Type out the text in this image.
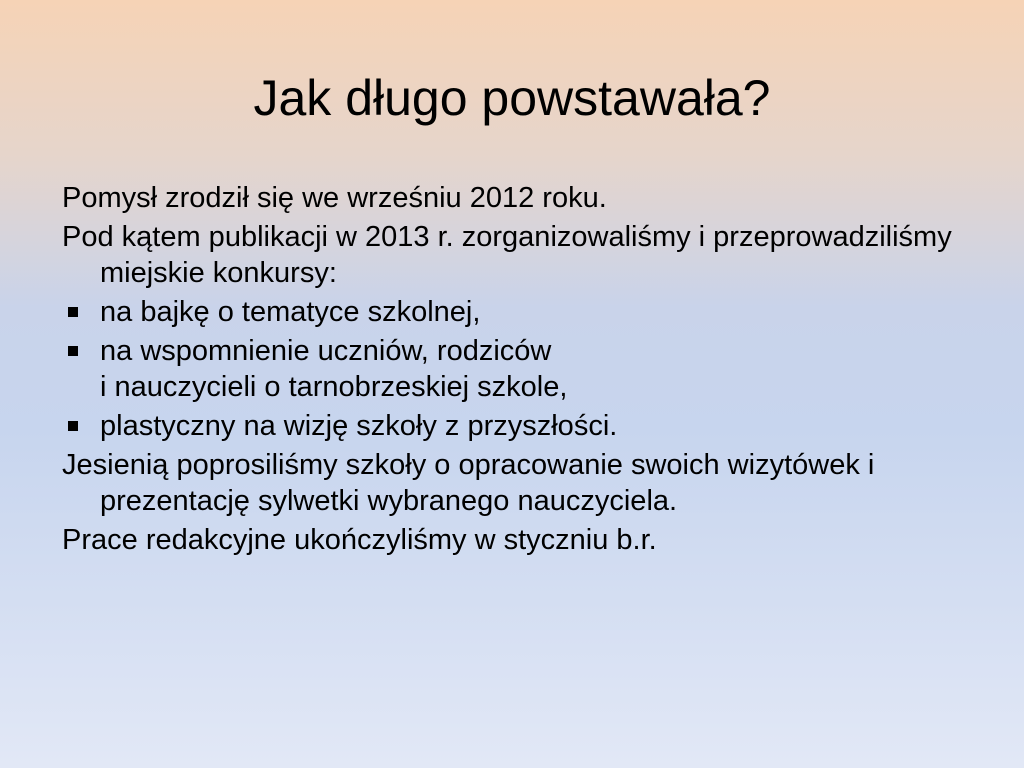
Jak długo powstawała?
Pomysł zrodził się we wrześniu 2012 roku.
Pod kątem publikacji w 2013 r. zorganizowaliśmy i przeprowadziliśmy miejskie konkursy:
na bajkę o tematyce szkolnej,
na wspomnienie uczniów, rodziców
i nauczycieli o tarnobrzeskiej szkole,
plastyczny na wizję szkoły z przyszłości.
Jesienią poprosiliśmy szkoły o opracowanie swoich wizytówek i prezentację sylwetki wybranego nauczyciela.
Prace redakcyjne ukończyliśmy w styczniu b.r.
